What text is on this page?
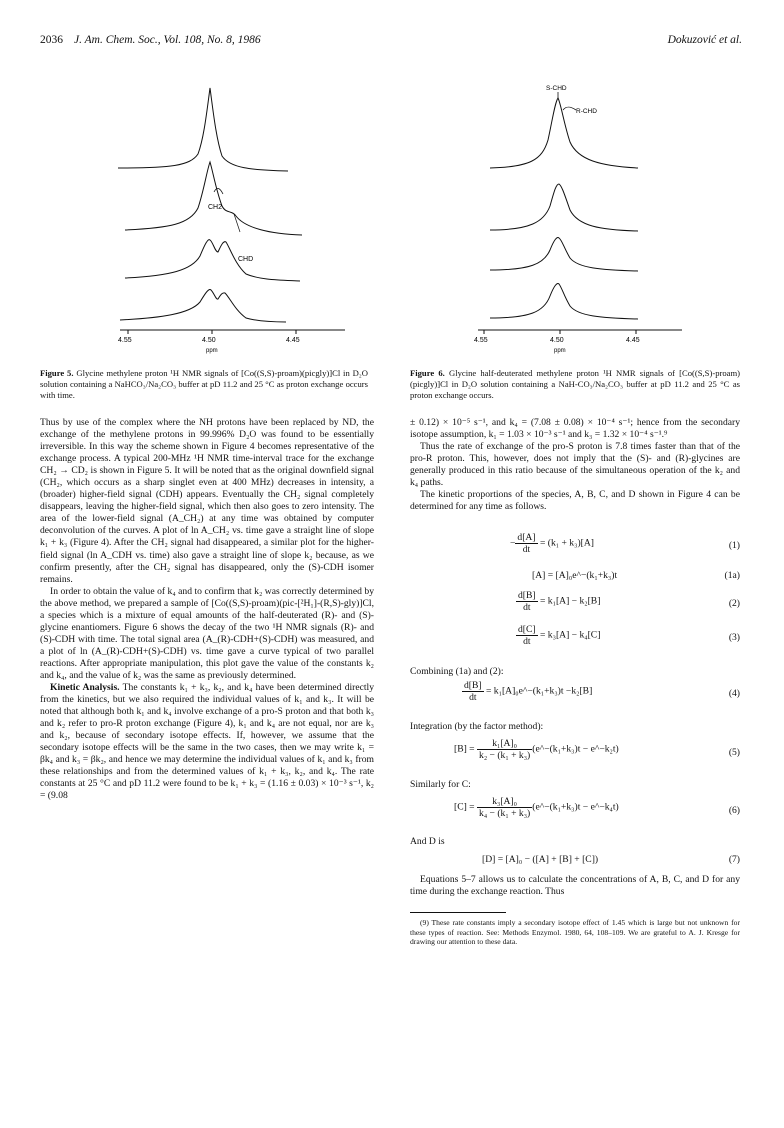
2036 J. Am. Chem. Soc., Vol. 108, No. 8, 1986	Dokuzović et al.
CH2
CHD
4.55	4.50	4.45
ppm
Figure 5. Glycine methylene proton ¹H NMR signals of [Co((S,S)-proam)(picgly)]Cl in D₂O solution containing a NaHCO₃/Na₂CO₃ buffer at pD 11.2 and 25 °C as proton exchange occurs with time.
S-CHD
R-CHD
4.55	4.50	4.45
ppm
Figure 6. Glycine half-deuterated methylene proton ¹H NMR signals of [Co((S,S)-proam)(picgly)]Cl in D₂O solution containing a NaH-CO₃/Na₂CO₃ buffer at pD 11.2 and 25 °C as proton exchange occurs.

Thus by use of the complex where the NH protons have been replaced by ND, the exchange of the methylene protons in 99.996% D₂O was found to be essentially irreversible. In this way the scheme shown in Figure 4 becomes representative of the exchange process. A typical 200-MHz ¹H NMR time-interval trace for the exchange CH₂ → CD₂ is shown in Figure 5. It will be noted that as the original downfield signal (CH₂, which occurs as a sharp singlet even at 400 MHz) decreases in intensity, a (broader) higher-field signal (CDH) appears. Eventually the CH₂ signal completely disappears, leaving the higher-field signal, which then also goes to zero intensity. The area of the lower-field signal (A_CH₂) at any time was obtained by computer deconvolution of the curves. A plot of ln A_CH₂ vs. time gave a straight line of slope k₁ + k₃ (Figure 4). After the CH₂ signal had disappeared, a similar plot for the higher-field signal (ln A_CDH vs. time) also gave a straight line of slope k₂ because, as we confirm presently, after the CH₂ signal has disappeared, only the (S)-CDH isomer remains.

In order to obtain the value of k₄ and to confirm that k₂ was correctly determined by the above method, we prepared a sample of [Co((S,S)-proam)(pic-[²H₁]-(R,S)-gly)]Cl, a species which is a mixture of equal amounts of the half-deuterated (R)- and (S)-glycine enantiomers. Figure 6 shows the decay of the two ¹H NMR signals (R)- and (S)-CDH with time. The total signal area (A_(R)-CDH+(S)-CDH) was measured, and a plot of ln (A_(R)-CDH+(S)-CDH) vs. time gave a curve typical of two parallel reactions. After appropriate manipulation, this plot gave the value of the constants k₂ and k₄, and the value of k₂ was the same as previously determined.

Kinetic Analysis. The constants k₁ + k₃, k₂, and k₄ have been determined directly from the kinetics, but we also required the individual values of k₁ and k₃. It will be noted that although both k₁ and k₄ involve exchange of a pro-S proton and that both k₃ and k₂ refer to pro-R proton exchange (Figure 4), k₁ and k₄ are not equal, nor are k₃ and k₂, because of secondary isotope effects. If, however, we assume that the secondary isotope effects will be the same in the two cases, then we may write k₁ = βk₄ and k₃ = βk₂, and hence we may determine the individual values of k₁ and k₃ from these relationships and from the determined values of k₁ + k₃, k₂, and k₄. The rate constants at 25 °C and pD 11.2 were found to be k₁ + k₃ = (1.16 ± 0.03) × 10⁻³ s⁻¹, k₂ = (9.08

± 0.12) × 10⁻⁵ s⁻¹, and k₄ = (7.08 ± 0.08) × 10⁻⁴ s⁻¹; hence from the secondary isotope assumption, k₁ = 1.03 × 10⁻³ s⁻¹ and k₃ = 1.32 × 10⁻⁴ s⁻¹.⁹

Thus the rate of exchange of the pro-S proton is 7.8 times faster than that of the pro-R proton. This, however, does not imply that the (S)- and (R)-glycines are generally produced in this ratio because of the simultaneous operation of the k₂ and k₄ paths.

The kinetic proportions of the species, A, B, C, and D shown in Figure 4 can be determined for any time as follows.

− $\frac{d[A]}{dt} = (k_1 + k_3)[A]$	(1)
[A] = [A]₀e^−(k₁+k₃)t	(1a)
$\frac{d[B]}{dt} = k_1[A] - k_2[B]$	(2)
$\frac{d[C]}{dt} = k_3[A] - k_4[C]$	(3)
Combining (1a) and (2):
$\frac{d[B]}{dt}$ = k₁[A]₀e^−(k₁+k₃)t −k₂[B]	(4)
Integration (by the factor method):
$[B] = \frac{\text{k₁[A]₀}}{\text{k₂ − (k₁ + k₃)}}$ (e^−(k₁+k₃)t − e^−k₂t)	(5)
Similarly for C:
$[C] = \frac{\text{k₃[A]₀}}{\text{k₄ − (k₁ + k₃)}}$ (e^−(k₁+k₃)t − e^−k₄t)	(6)
And D is
[D] = [A]₀ − ([A] + [B] + [C])	(7)

Equations 5–7 allows us to calculate the concentrations of A, B, C, and D for any time during the exchange reaction. Thus

(9) These rate constants imply a secondary isotope effect of 1.45 which is large but not unknown for these types of reaction. See: Methods Enzymol. 1980, 64, 108–109. We are grateful to A. J. Kresge for drawing our attention to these data.
